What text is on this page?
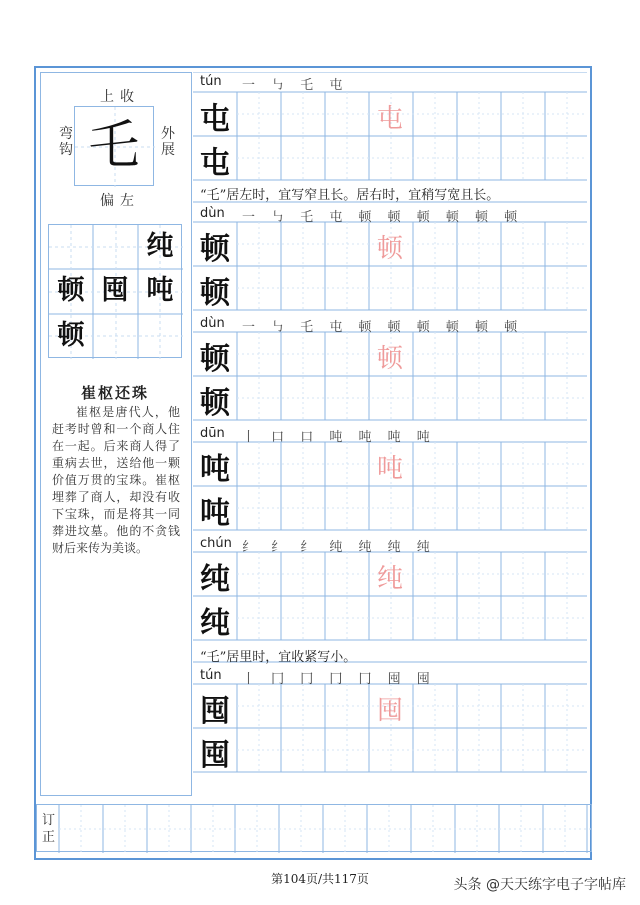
上收
弯钩
外展
乇
偏左
纯
顿 囤 吨
顿
崔枢还珠
崔枢是唐代人，他赶考时曾和一个商人住在一起。后来商人得了重病去世，送给他一颗价值万贯的宝珠。崔枢埋葬了商人，却没有收下宝珠，而是将其一同葬进坟墓。他的不贪钱财后来传为美谈。
tún 一 ㇉ 乇 屯
屯
屯
屯
“乇”居左时，宜写窄且长。居右时，宜稍写宽且长。
dùn 一 ㇉ 乇 屯 顿 顿 顿 顿 顿 顿
顿
顿
顿
dùn 一 ㇉ 乇 屯 顿 顿 顿 顿 顿 顿
顿
顿
顿
dūn 丨 口 口 吨 吨 吨 吨
吨
吨
吨
chún 纟 纟 纟 纯 纯 纯 纯
纯
纯
纯
“乇”居里时，宜收紧写小。
tún 丨 冂 冂 冂 冂 囤 囤
囤
囤
囤
订正
第104页/共117页	头条 @天天练字电子字帖库
